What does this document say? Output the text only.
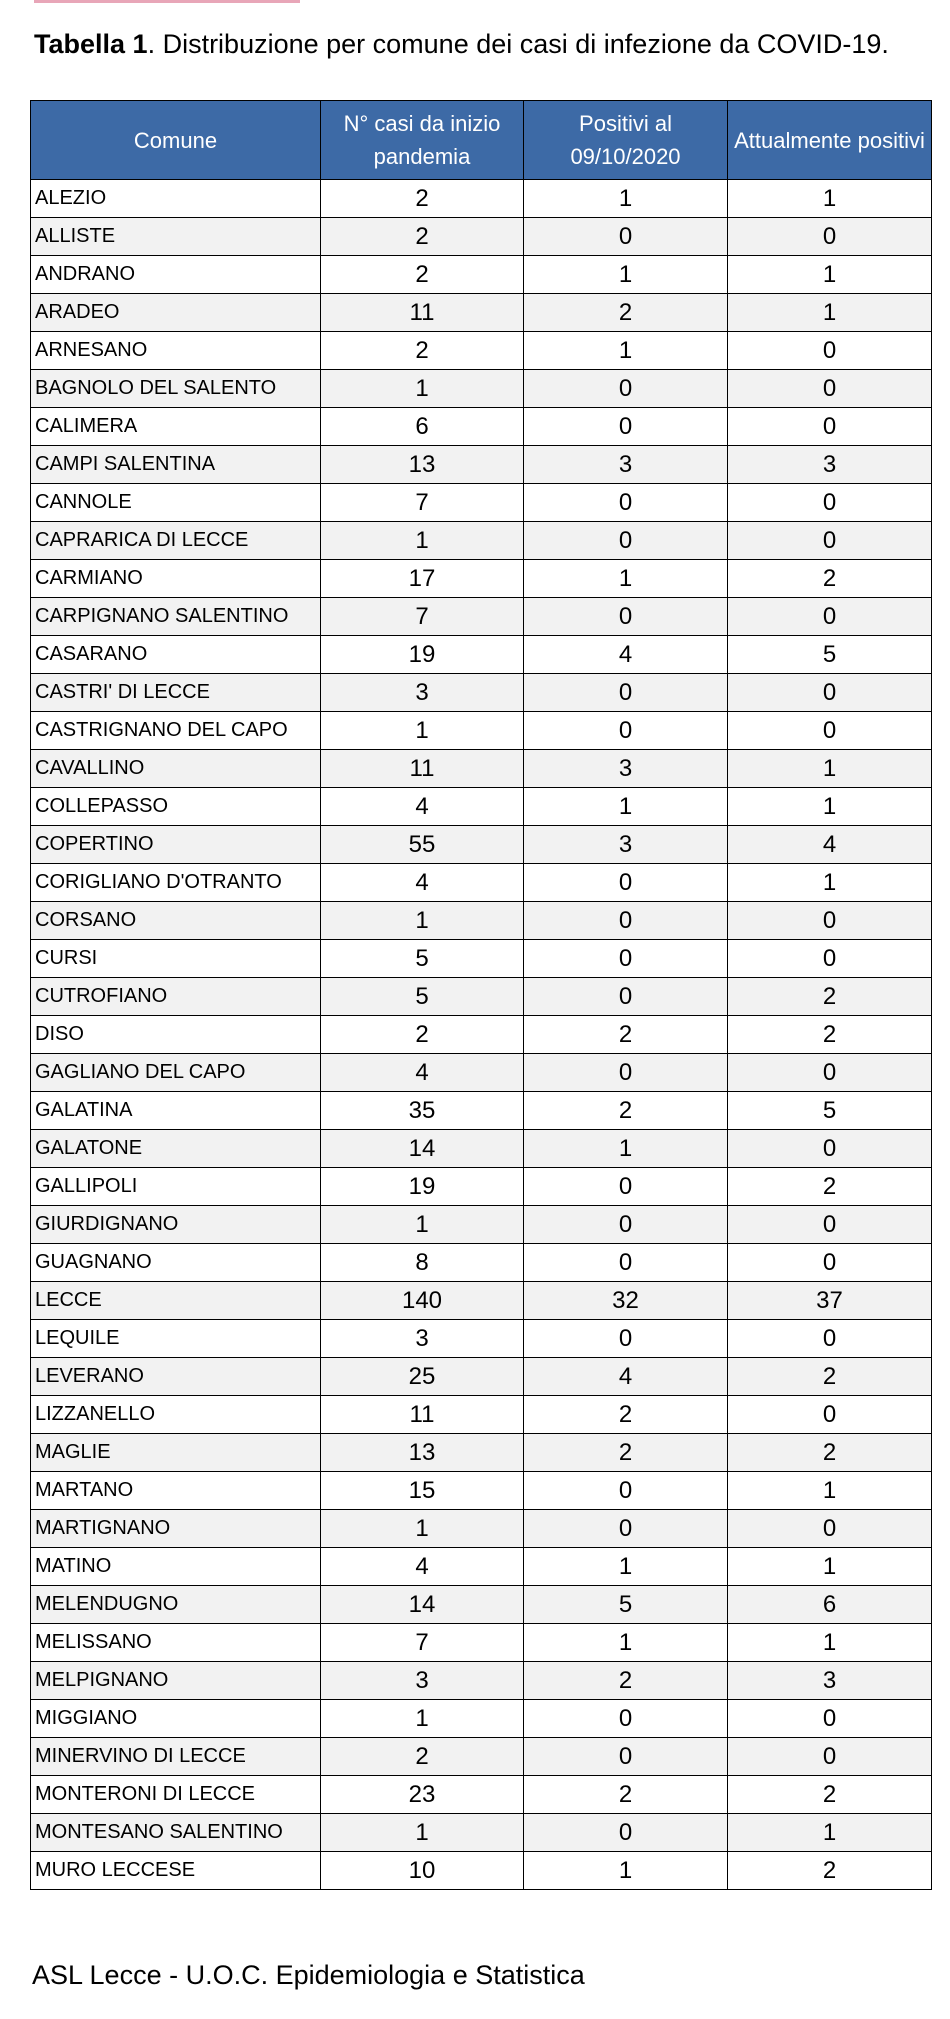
Tabella 1. Distribuzione per comune dei casi di infezione da COVID-19.
Comune	N° casi da inizio pandemia	Positivi al 09/10/2020	Attualmente positivi
ALEZIO	2	1	1
ALLISTE	2	0	0
ANDRANO	2	1	1
ARADEO	11	2	1
ARNESANO	2	1	0
BAGNOLO DEL SALENTO	1	0	0
CALIMERA	6	0	0
CAMPI SALENTINA	13	3	3
CANNOLE	7	0	0
CAPRARICA DI LECCE	1	0	0
CARMIANO	17	1	2
CARPIGNANO SALENTINO	7	0	0
CASARANO	19	4	5
CASTRI' DI LECCE	3	0	0
CASTRIGNANO DEL CAPO	1	0	0
CAVALLINO	11	3	1
COLLEPASSO	4	1	1
COPERTINO	55	3	4
CORIGLIANO D'OTRANTO	4	0	1
CORSANO	1	0	0
CURSI	5	0	0
CUTROFIANO	5	0	2
DISO	2	2	2
GAGLIANO DEL CAPO	4	0	0
GALATINA	35	2	5
GALATONE	14	1	0
GALLIPOLI	19	0	2
GIURDIGNANO	1	0	0
GUAGNANO	8	0	0
LECCE	140	32	37
LEQUILE	3	0	0
LEVERANO	25	4	2
LIZZANELLO	11	2	0
MAGLIE	13	2	2
MARTANO	15	0	1
MARTIGNANO	1	0	0
MATINO	4	1	1
MELENDUGNO	14	5	6
MELISSANO	7	1	1
MELPIGNANO	3	2	3
MIGGIANO	1	0	0
MINERVINO DI LECCE	2	0	0
MONTERONI DI LECCE	23	2	2
MONTESANO SALENTINO	1	0	1
MURO LECCESE	10	1	2
ASL Lecce - U.O.C. Epidemiologia e Statistica
